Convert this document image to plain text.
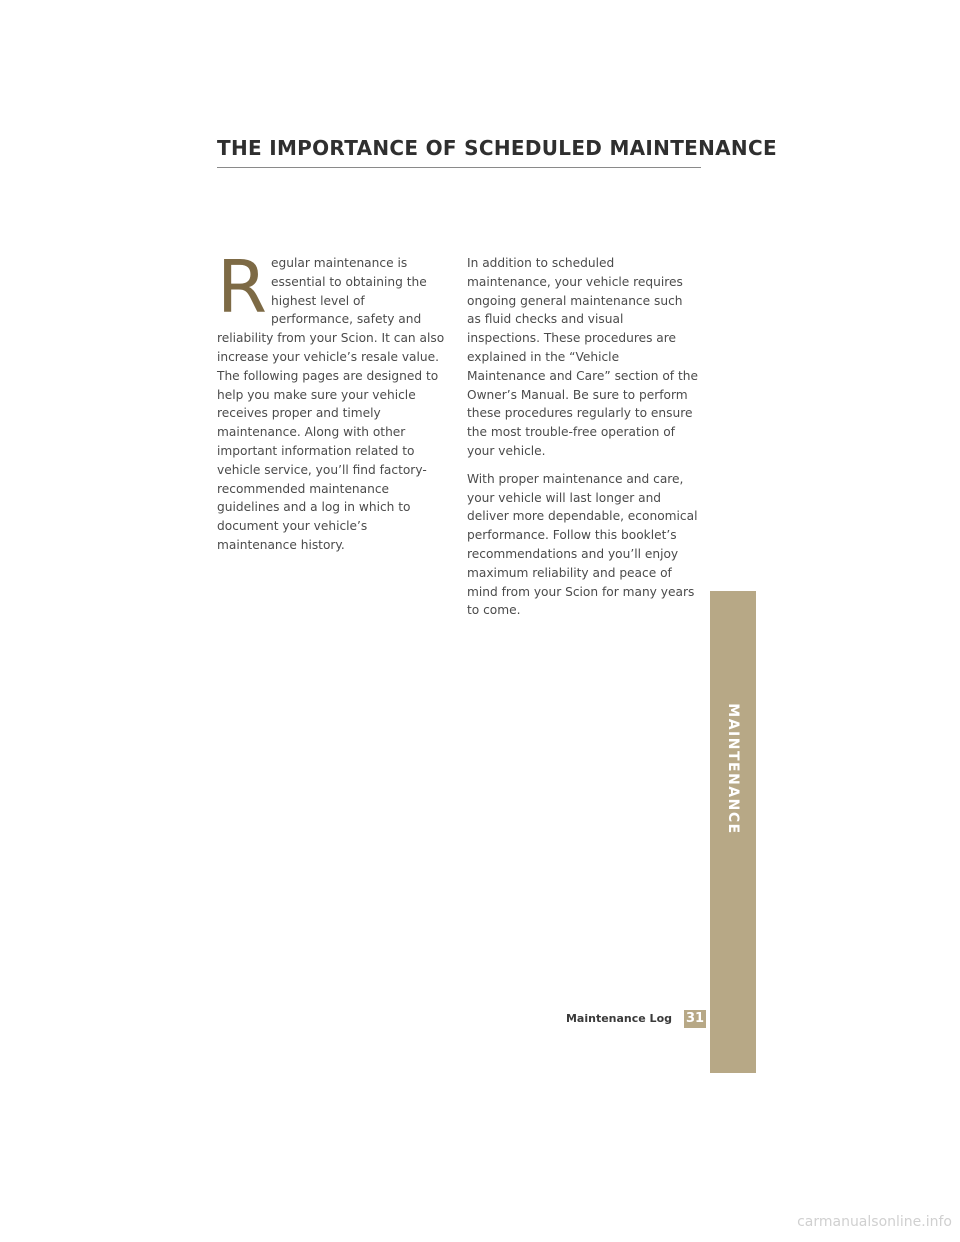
THE IMPORTANCE OF SCHEDULED MAINTENANCE
R egular maintenance is essential to obtaining the highest level of performance, safety and reliability from your Scion. It can also increase your vehicle’s resale value. The following pages are designed to help you make sure your vehicle receives proper and timely maintenance. Along with other important information related to vehicle service, you’ll find factory-recommended maintenance guidelines and a log in which to document your vehicle’s maintenance history.

In addition to scheduled maintenance, your vehicle requires ongoing general maintenance such as fluid checks and visual inspections. These procedures are explained in the “Vehicle Maintenance and Care” section of the Owner’s Manual. Be sure to perform these procedures regularly to ensure the most trouble-free operation of your vehicle.

With proper maintenance and care, your vehicle will last longer and deliver more dependable, economical performance. Follow this booklet’s recommendations and you’ll enjoy maximum reliability and peace of mind from your Scion for many years to come.

MAINTENANCE
Maintenance Log 31
carmanualsonline.info
